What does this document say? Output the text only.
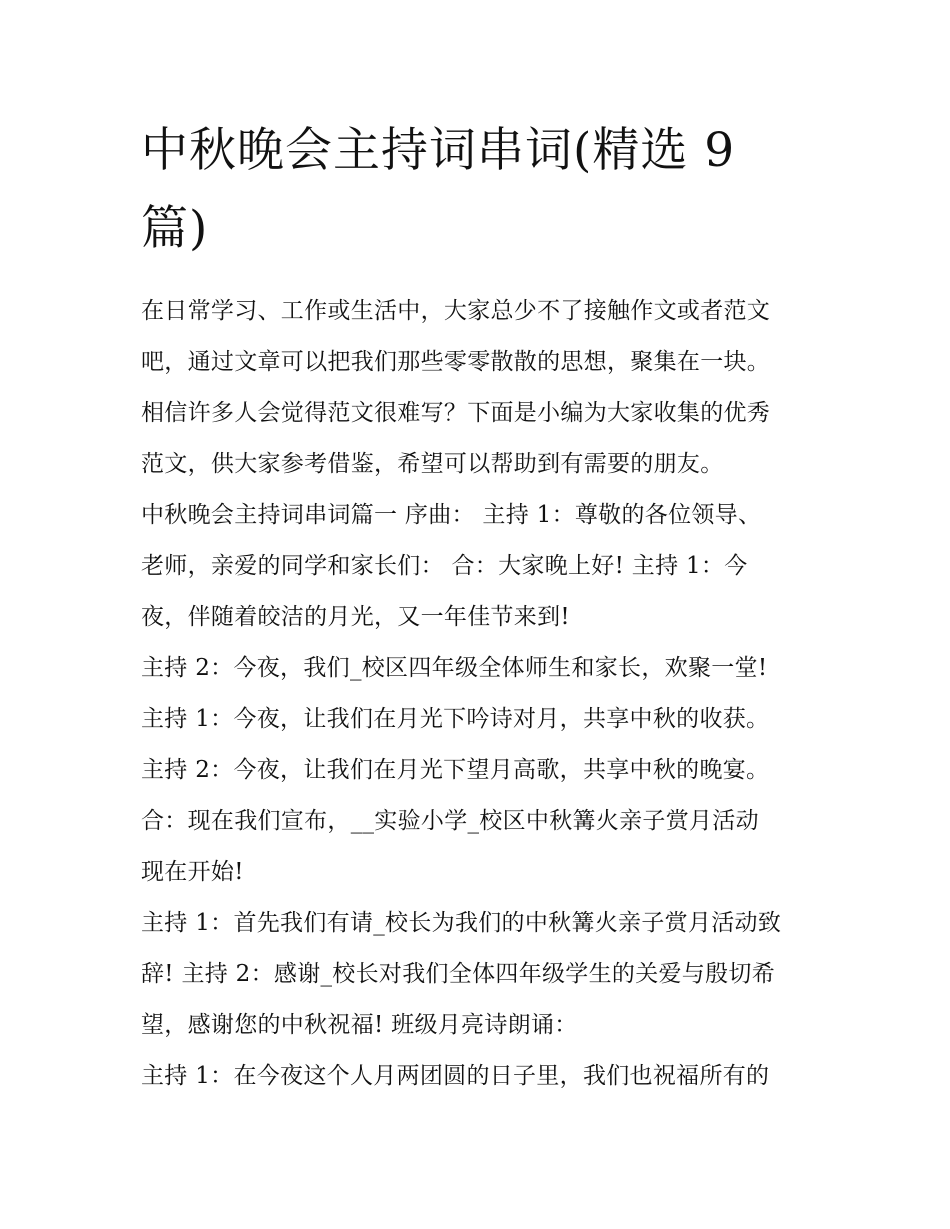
中秋晚会主持词串词(精选 9
篇)
在日常学习、工作或生活中，大家总少不了接触作文或者范文
吧，通过文章可以把我们那些零零散散的思想，聚集在一块。
相信许多人会觉得范文很难写？下面是小编为大家收集的优秀
范文，供大家参考借鉴，希望可以帮助到有需要的朋友。
中秋晚会主持词串词篇一 序曲： 主持 1：尊敬的各位领导、
老师，亲爱的同学和家长们： 合：大家晚上好! 主持 1：今
夜，伴随着皎洁的月光，又一年佳节来到!
主持 2：今夜，我们_校区四年级全体师生和家长，欢聚一堂!
主持 1：今夜，让我们在月光下吟诗对月，共享中秋的收获。
主持 2：今夜，让我们在月光下望月高歌，共享中秋的晚宴。
合：现在我们宣布，__实验小学_校区中秋篝火亲子赏月活动
现在开始!
主持 1：首先我们有请_校长为我们的中秋篝火亲子赏月活动致
辞! 主持 2：感谢_校长对我们全体四年级学生的关爱与殷切希
望，感谢您的中秋祝福! 班级月亮诗朗诵：
主持 1：在今夜这个人月两团圆的日子里，我们也祝福所有的
